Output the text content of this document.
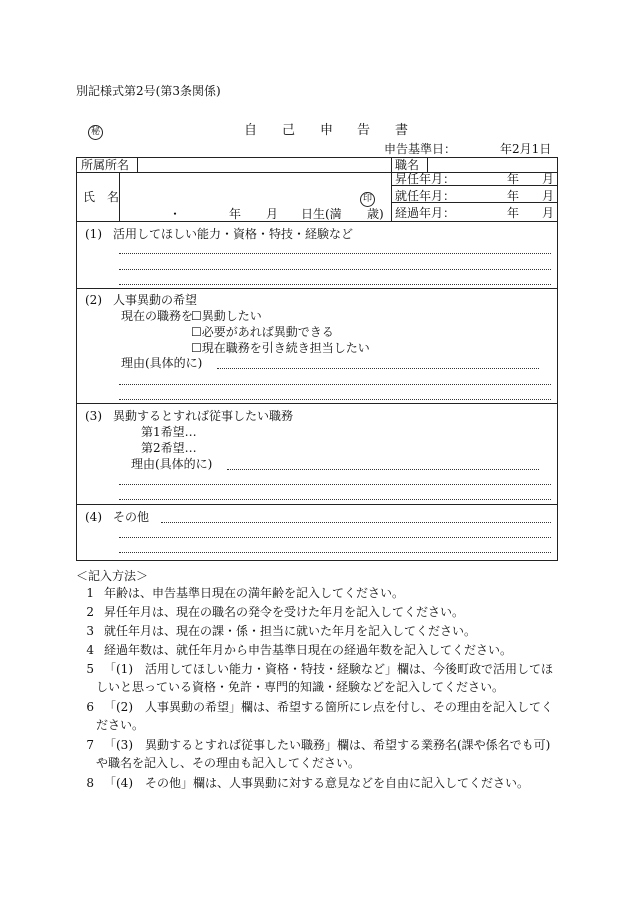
別記様式第2号(第3条関係)
秘	自 己 申 告 書
申告基準日：	年2月1日
所属所名	職名
氏　名	印
・	年 月 日生(満 歳)
昇任年月：	年 月
就任年月：	年 月
経過年月：	年 月
(1) 活用してほしい能力・資格・特技・経験など
(2) 人事異動の希望
現在の職務を
☐異動したい
☐必要があれば異動できる
☐現在職務を引き続き担当したい
理由(具体的に)
(3) 異動するとすれば従事したい職務
第1希望…
第2希望…
理由(具体的に)
(4) その他
＜記入方法＞
1 年齢は、申告基準日現在の満年齢を記入してください。
2 昇任年月は、現在の職名の発令を受けた年月を記入してください。
3 就任年月は、現在の課・係・担当に就いた年月を記入してください。
4 経過年数は、就任年月から申告基準日現在の経過年数を記入してください。
5 「(1)　活用してほしい能力・資格・特技・経験など」欄は、今後町政で活用してほ
しいと思っている資格・免許・専門的知識・経験などを記入してください。
6 「(2)　人事異動の希望」欄は、希望する箇所にレ点を付し、その理由を記入してく
ださい。
7 「(3)　異動するとすれば従事したい職務」欄は、希望する業務名(課や係名でも可)
や職名を記入し、その理由も記入してください。
8 「(4)　その他」欄は、人事異動に対する意見などを自由に記入してください。
